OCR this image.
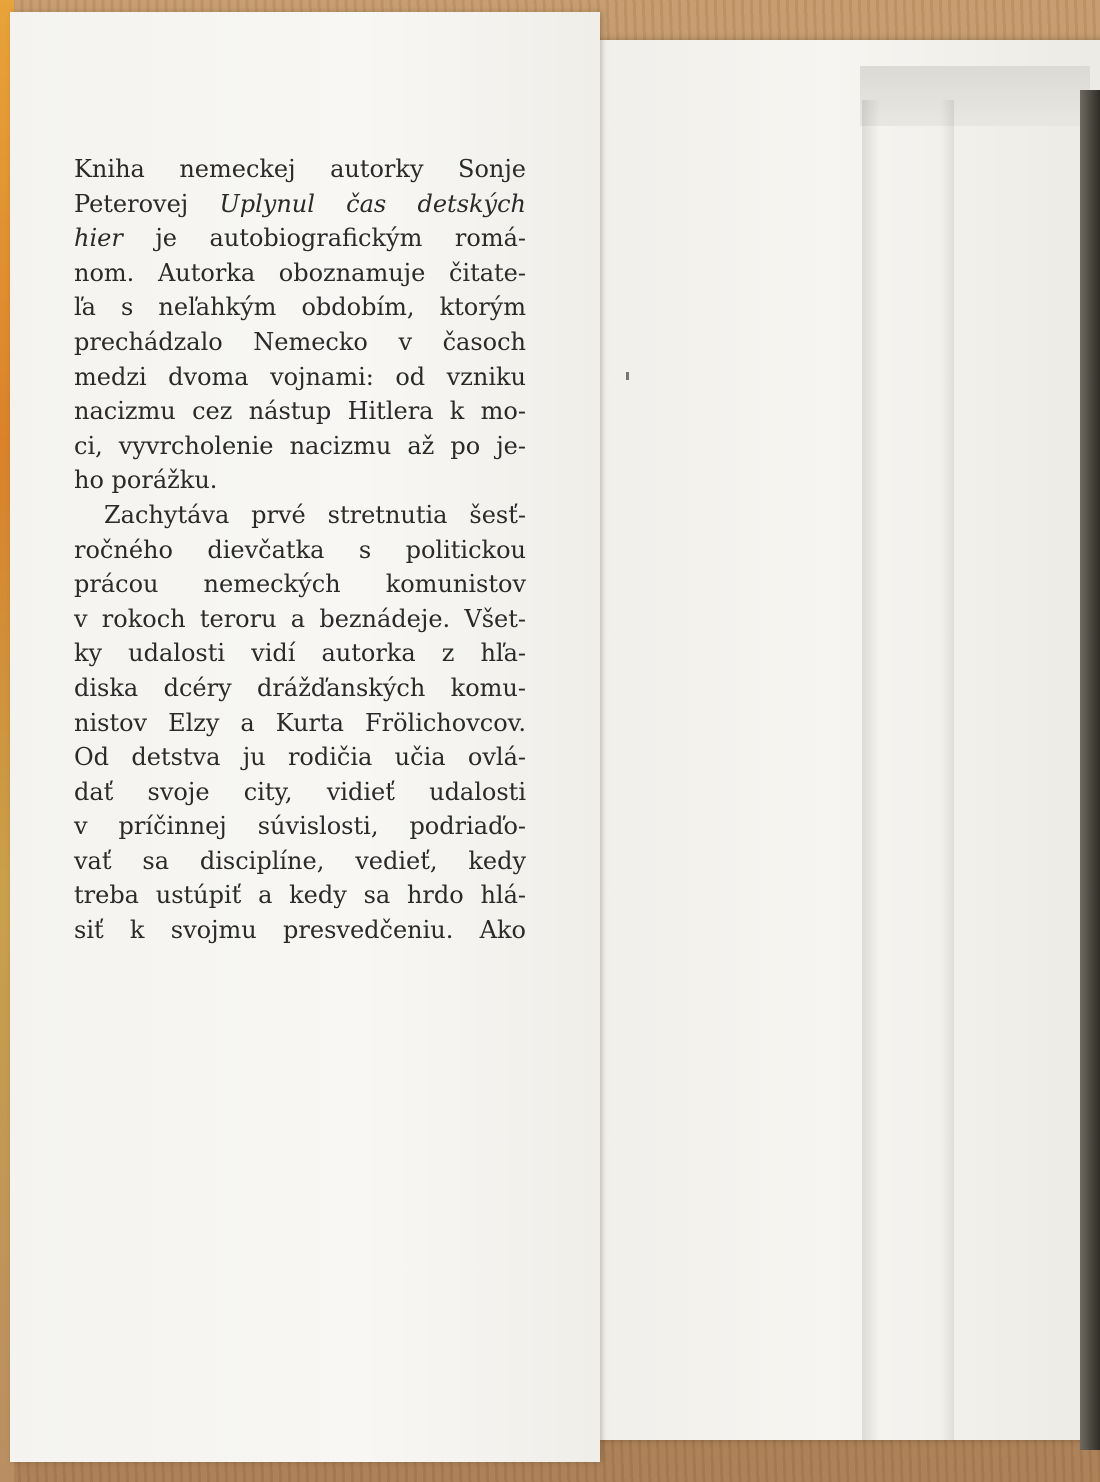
Kniha nemeckej autorky Sonje
Peterovej Uplynul čas detských
hier je autobiografickým romá-
nom. Autorka oboznamuje čitate-
ľa s neľahkým obdobím, ktorým
prechádzalo Nemecko v časoch
medzi dvoma vojnami: od vzniku
nacizmu cez nástup Hitlera k mo-
ci, vyvrcholenie nacizmu až po je-
ho porážku.
Zachytáva prvé stretnutia šesť-
ročného dievčatka s politickou
prácou nemeckých komunistov
v rokoch teroru a beznádeje. Všet-
ky udalosti vidí autorka z hľa-
diska dcéry drážďanských komu-
nistov Elzy a Kurta Frölichovcov.
Od detstva ju rodičia učia ovlá-
dať svoje city, vidieť udalosti
v príčinnej súvislosti, podriaďo-
vať sa disciplíne, vedieť, kedy
treba ustúpiť a kedy sa hrdo hlá-
siť k svojmu presvedčeniu. Ako
